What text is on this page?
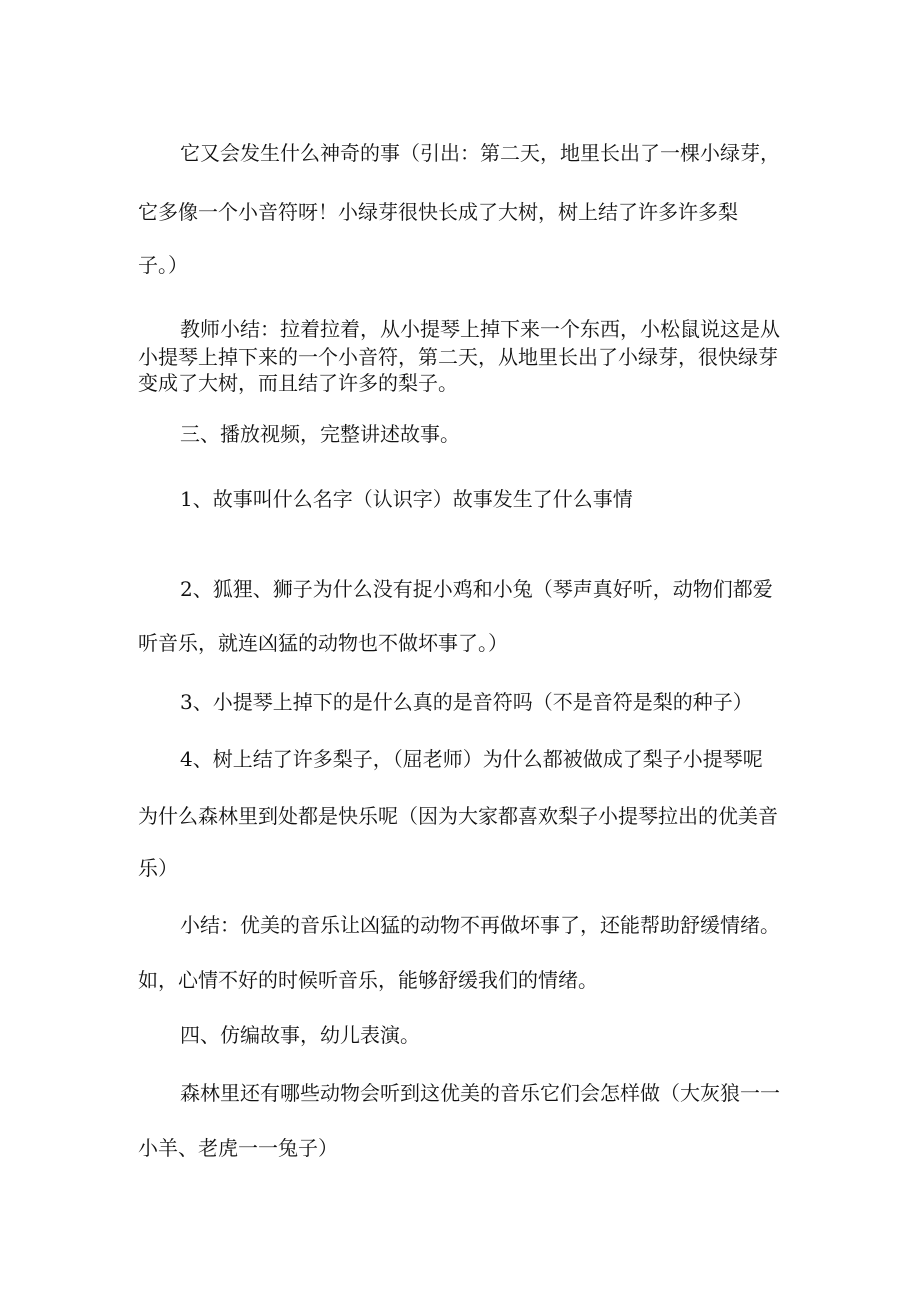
它又会发生什么神奇的事（引出：第二天，地里长出了一棵小绿芽，
它多像一个小音符呀！小绿芽很快长成了大树，树上结了许多许多梨
子。）
教师小结：拉着拉着，从小提琴上掉下来一个东西，小松鼠说这是从
小提琴上掉下来的一个小音符，第二天，从地里长出了小绿芽，很快绿芽
变成了大树，而且结了许多的梨子。
三、播放视频，完整讲述故事。
1、故事叫什么名字（认识字）故事发生了什么事情
2、狐狸、狮子为什么没有捉小鸡和小兔（琴声真好听，动物们都爱
听音乐，就连凶猛的动物也不做坏事了。）
3、小提琴上掉下的是什么真的是音符吗（不是音符是梨的种子）
4、树上结了许多梨子，（屈老师）为什么都被做成了梨子小提琴呢
为什么森林里到处都是快乐呢（因为大家都喜欢梨子小提琴拉出的优美音
乐）
小结：优美的音乐让凶猛的动物不再做坏事了，还能帮助舒缓情绪。
如，心情不好的时候听音乐，能够舒缓我们的情绪。
四、仿编故事，幼儿表演。
森林里还有哪些动物会听到这优美的音乐它们会怎样做（大灰狼一一
小羊、老虎一一兔子）
